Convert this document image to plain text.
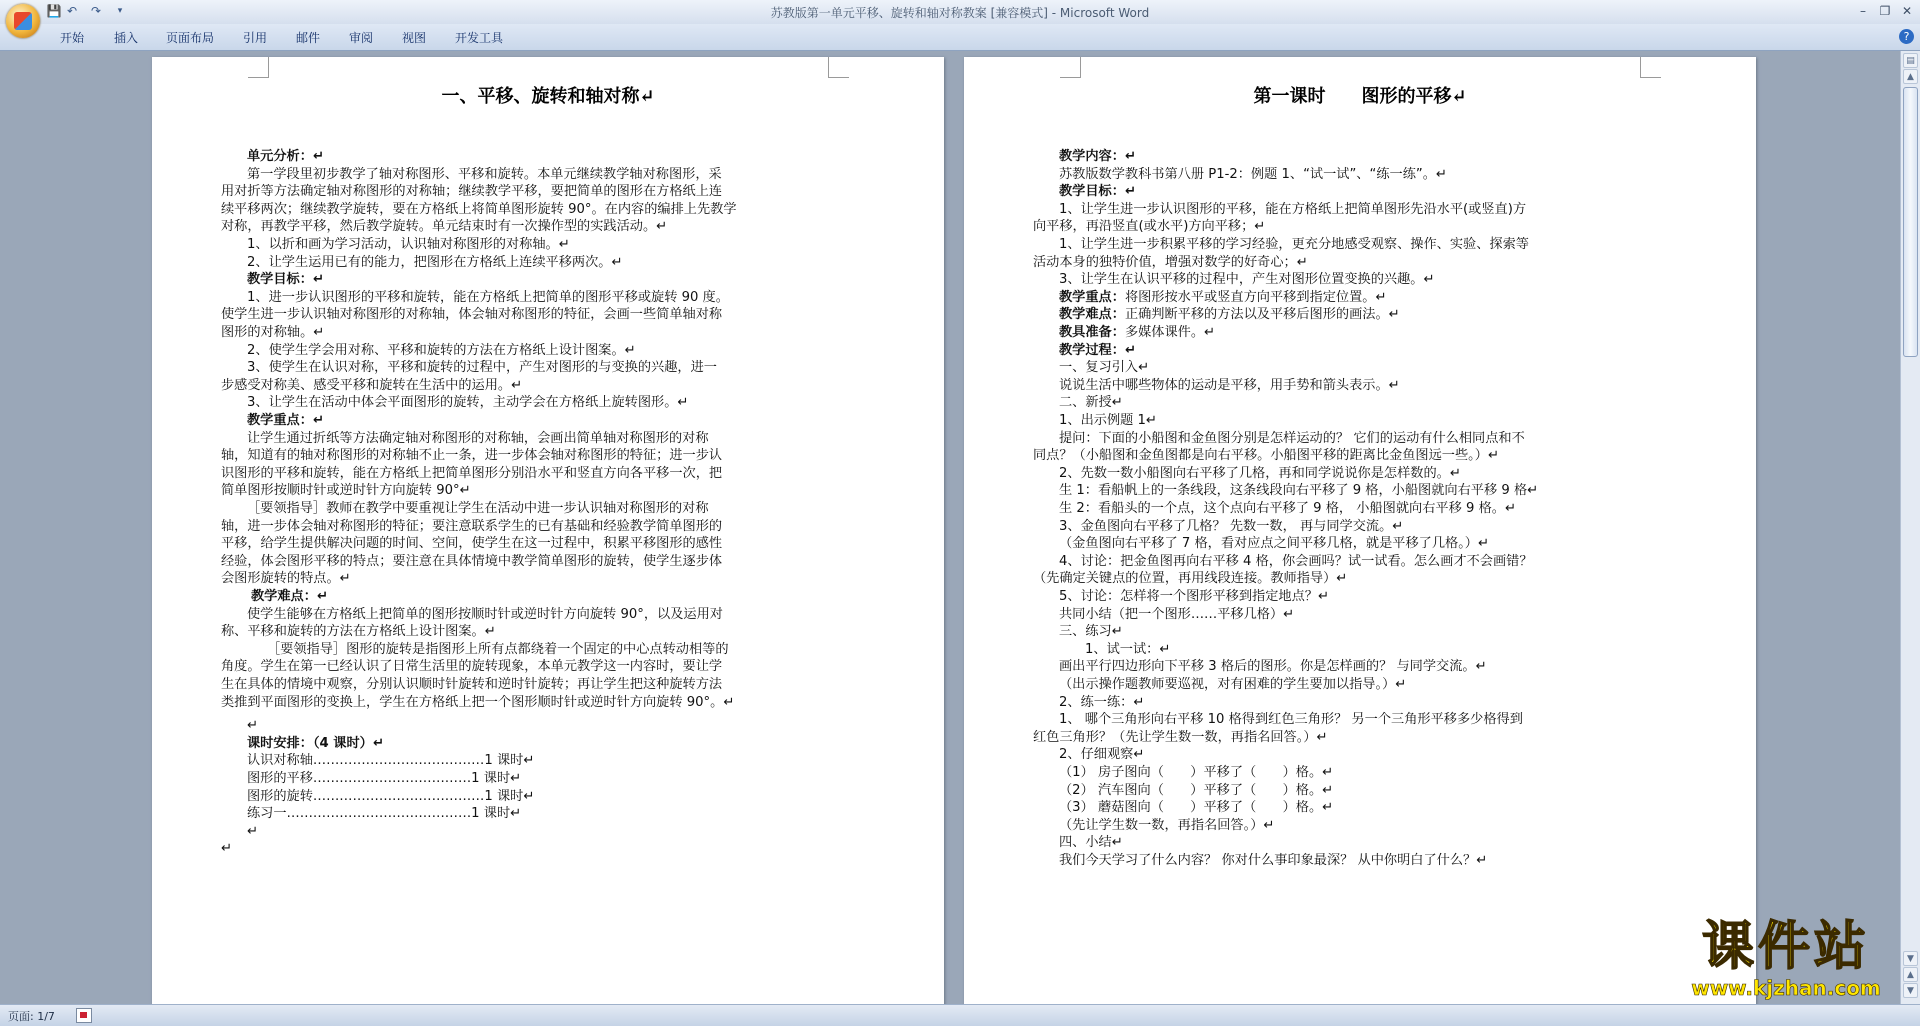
💾 ↶ ↷	▾	苏教版第一单元平移、旋转和轴对称教案 [兼容模式] - Microsoft Word	–	❐ ✕
开始 插入 页面布局 引用 邮件 审阅 视图 开发工具	?
一、平移、旋转和轴对称↵
单元分析：↵
第一学段里初步教学了轴对称图形、平移和旋转。本单元继续教学轴对称图形，采
用对折等方法确定轴对称图形的对称轴；继续教学平移，要把简单的图形在方格纸上连
续平移两次；继续教学旋转，要在方格纸上将简单图形旋转 90°。在内容的编排上先教学
对称，再教学平移，然后教学旋转。单元结束时有一次操作型的实践活动。↵
1、以折和画为学习活动，认识轴对称图形的对称轴。↵
2、让学生运用已有的能力，把图形在方格纸上连续平移两次。↵
教学目标：↵
1、进一步认识图形的平移和旋转，能在方格纸上把简单的图形平移或旋转 90 度。
使学生进一步认识轴对称图形的对称轴，体会轴对称图形的特征，会画一些简单轴对称
图形的对称轴。↵
2、使学生学会用对称、平移和旋转的方法在方格纸上设计图案。↵
3、使学生在认识对称，平移和旋转的过程中，产生对图形的与变换的兴趣，进一
步感受对称美、感受平移和旋转在生活中的运用。↵
3、让学生在活动中体会平面图形的旋转，主动学会在方格纸上旋转图形。↵
教学重点：↵
让学生通过折纸等方法确定轴对称图形的对称轴，会画出简单轴对称图形的对称
轴，知道有的轴对称图形的对称轴不止一条，进一步体会轴对称图形的特征；进一步认
识图形的平移和旋转，能在方格纸上把简单图形分别沿水平和竖直方向各平移一次，把
简单图形按顺时针或逆时针方向旋转 90°↵
［要领指导］教师在教学中要重视让学生在活动中进一步认识轴对称图形的对称
轴，进一步体会轴对称图形的特征；要注意联系学生的已有基础和经验教学简单图形的
平移，给学生提供解决问题的时间、空间，使学生在这一过程中，积累平移图形的感性
经验，体会图形平移的特点；要注意在具体情境中教学简单图形的旋转，使学生逐步体
会图形旋转的特点。↵
教学难点：↵
使学生能够在方格纸上把简单的图形按顺时针或逆时针方向旋转 90°，以及运用对
称、平移和旋转的方法在方格纸上设计图案。↵
［要领指导］图形的旋转是指图形上所有点都绕着一个固定的中心点转动相等的
角度。学生在第一已经认识了日常生活里的旋转现象，本单元教学这一内容时，要让学
生在具体的情境中观察，分别认识顺时针旋转和逆时针旋转；再让学生把这种旋转方法
类推到平面图形的变换上，学生在方格纸上把一个图形顺时针或逆时针方向旋转 90°。↵
↵
课时安排：（4 课时）↵
认识对称轴…………………………………1 课时↵
图形的平移………………………………1 课时↵
图形的旋转…………………………………1 课时↵
练习一……………………………………1 课时↵
↵
↵
第一课时　　图形的平移↵
教学内容：↵
苏教版数学教科书第八册 P1-2：例题 1、“试一试”、“练一练”。↵
教学目标：↵
1、让学生进一步认识图形的平移，能在方格纸上把简单图形先沿水平(或竖直)方
向平移，再沿竖直(或水平)方向平移；↵
1、让学生进一步积累平移的学习经验，更充分地感受观察、操作、实验、探索等
活动本身的独特价值，增强对数学的好奇心；↵
3、让学生在认识平移的过程中，产生对图形位置变换的兴趣。↵
教学重点：将图形按水平或竖直方向平移到指定位置。↵
教学难点：正确判断平移的方法以及平移后图形的画法。↵
教具准备：多媒体课件。↵
教学过程：↵
一、复习引入↵
说说生活中哪些物体的运动是平移，用手势和箭头表示。↵
二、新授↵
1、出示例题 1↵
提问：下面的小船图和金鱼图分别是怎样运动的？ 它们的运动有什么相同点和不
同点？（小船图和金鱼图都是向右平移。小船图平移的距离比金鱼图远一些。）↵
2、先数一数小船图向右平移了几格，再和同学说说你是怎样数的。↵
生 1：看船帆上的一条线段，这条线段向右平移了 9 格，小船图就向右平移 9 格↵
生 2：看船头的一个点，这个点向右平移了 9 格， 小船图就向右平移 9 格。↵
3、金鱼图向右平移了几格？ 先数一数， 再与同学交流。↵
（金鱼图向右平移了 7 格，看对应点之间平移几格，就是平移了几格。）↵
4、讨论：把金鱼图再向右平移 4 格，你会画吗？试一试看。怎么画才不会画错？
（先确定关键点的位置，再用线段连接。教师指导）↵
5、讨论：怎样将一个图形平移到指定地点？↵
共同小结（把一个图形……平移几格）↵
三、练习↵
1、试一试：↵
画出平行四边形向下平移 3 格后的图形。你是怎样画的？ 与同学交流。↵
（出示操作题教师要巡视，对有困难的学生要加以指导。）↵
2、练一练：↵
1、 哪个三角形向右平移 10 格得到红色三角形？ 另一个三角形平移多少格得到
红色三角形？（先让学生数一数，再指名回答。）↵
2、仔细观察↵
（1） 房子图向（　　）平移了（　　）格。↵
（2） 汽车图向（　　）平移了（　　）格。↵
（3） 蘑菇图向（　　）平移了（　　）格。↵
（先让学生数一数，再指名回答。）↵
四、小结↵
我们今天学习了什么内容？ 你对什么事印象最深？ 从中你明白了什么？↵
▤
▲
▼
▲
▼
课件站
www.kjzhan.com
页面: 1/7
